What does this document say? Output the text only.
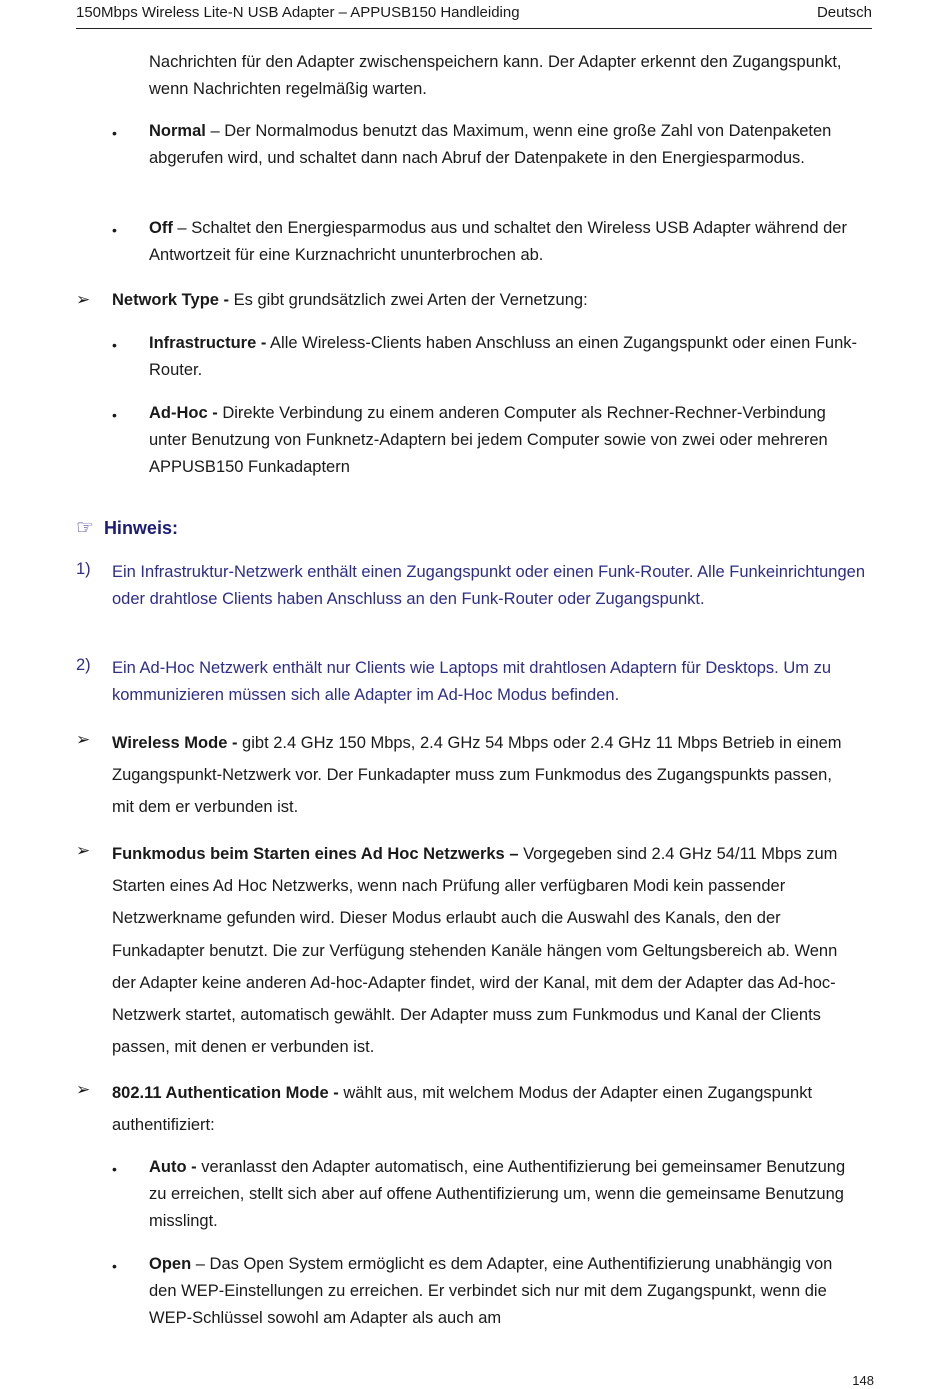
150Mbps Wireless Lite-N USB Adapter – APPUSB150 Handleiding	Deutsch

Nachrichten für den Adapter zwischenspeichern kann. Der Adapter erkennt den Zugangspunkt, wenn Nachrichten regelmäßig warten.

• Normal – Der Normalmodus benutzt das Maximum, wenn eine große Zahl von Datenpaketen abgerufen wird, und schaltet dann nach Abruf der Datenpakete in den Energiesparmodus.

• Off – Schaltet den Energiesparmodus aus und schaltet den Wireless USB Adapter während der Antwortzeit für eine Kurznachricht ununterbrochen ab.

➢ Network Type - Es gibt grundsätzlich zwei Arten der Vernetzung:

• Infrastructure - Alle Wireless-Clients haben Anschluss an einen Zugangspunkt oder einen Funk-Router.

• Ad-Hoc - Direkte Verbindung zu einem anderen Computer als Rechner-Rechner-Verbindung unter Benutzung von Funknetz-Adaptern bei jedem Computer sowie von zwei oder mehreren APPUSB150 Funkadaptern

☞ Hinweis:
1) Ein Infrastruktur-Netzwerk enthält einen Zugangspunkt oder einen Funk-Router. Alle Funkeinrichtungen oder drahtlose Clients haben Anschluss an den Funk-Router oder Zugangspunkt.

2) Ein Ad-Hoc Netzwerk enthält nur Clients wie Laptops mit drahtlosen Adaptern für Desktops. Um zu kommunizieren müssen sich alle Adapter im Ad-Hoc Modus befinden.

➢ Wireless Mode - gibt 2.4 GHz 150 Mbps, 2.4 GHz 54 Mbps oder 2.4 GHz 11 Mbps Betrieb in einem Zugangspunkt-Netzwerk vor. Der Funkadapter muss zum Funkmodus des Zugangspunkts passen, mit dem er verbunden ist.

➢ Funkmodus beim Starten eines Ad Hoc Netzwerks – Vorgegeben sind 2.4 GHz 54/11 Mbps zum Starten eines Ad Hoc Netzwerks, wenn nach Prüfung aller verfügbaren Modi kein passender Netzwerkname gefunden wird. Dieser Modus erlaubt auch die Auswahl des Kanals, den der Funkadapter benutzt. Die zur Verfügung stehenden Kanäle hängen vom Geltungsbereich ab. Wenn der Adapter keine anderen Ad-hoc-Adapter findet, wird der Kanal, mit dem der Adapter das Ad-hoc-Netzwerk startet, automatisch gewählt. Der Adapter muss zum Funkmodus und Kanal der Clients passen, mit denen er verbunden ist.

➢ 802.11 Authentication Mode - wählt aus, mit welchem Modus der Adapter einen Zugangspunkt authentifiziert:

• Auto - veranlasst den Adapter automatisch, eine Authentifizierung bei gemeinsamer Benutzung zu erreichen, stellt sich aber auf offene Authentifizierung um, wenn die gemeinsame Benutzung misslingt.

• Open – Das Open System ermöglicht es dem Adapter, eine Authentifizierung unabhängig von den WEP-Einstellungen zu erreichen. Er verbindet sich nur mit dem Zugangspunkt, wenn die WEP-Schlüssel sowohl am Adapter als auch am

148
